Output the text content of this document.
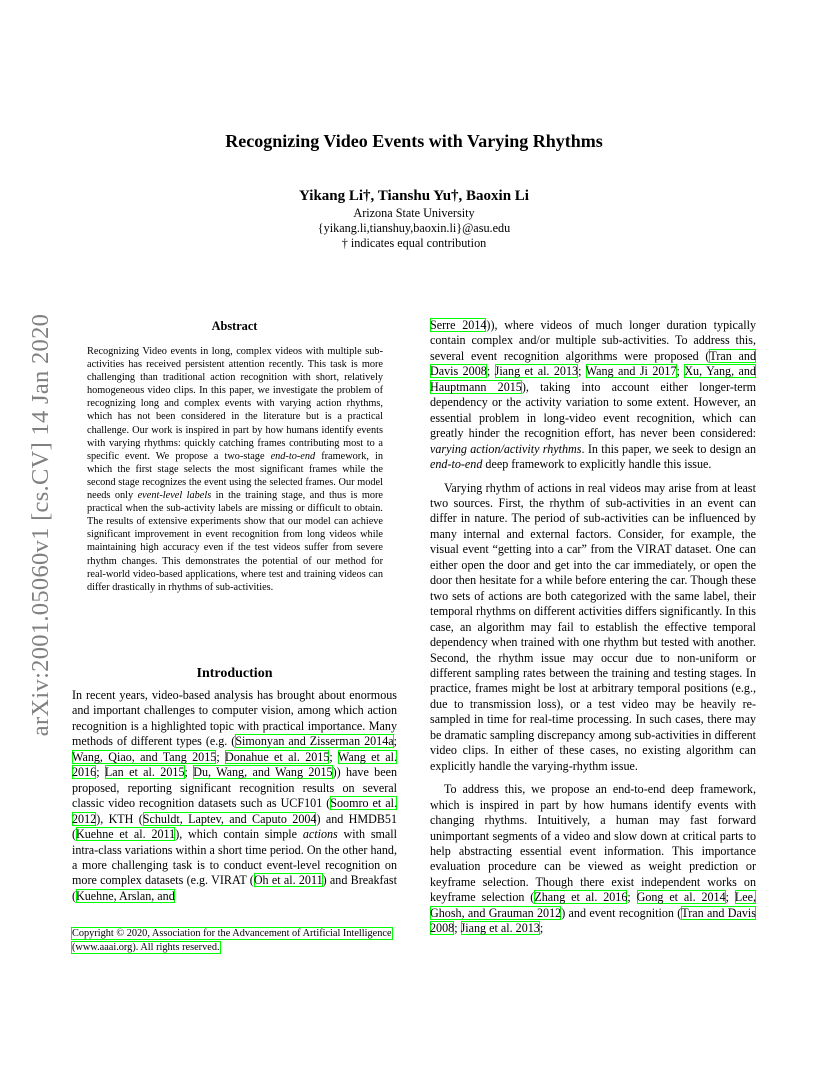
arXiv:2001.05060v1 [cs.CV] 14 Jan 2020
Recognizing Video Events with Varying Rhythms
Yikang Li†, Tianshu Yu†, Baoxin Li
Arizona State University
{yikang.li,tianshuy,baoxin.li}@asu.edu
† indicates equal contribution
Abstract
Recognizing Video events in long, complex videos with multiple sub-activities has received persistent attention recently. This task is more challenging than traditional action recognition with short, relatively homogeneous video clips. In this paper, we investigate the problem of recognizing long and complex events with varying action rhythms, which has not been considered in the literature but is a practical challenge. Our work is inspired in part by how humans identify events with varying rhythms: quickly catching frames contributing most to a specific event. We propose a two-stage end-to-end framework, in which the first stage selects the most significant frames while the second stage recognizes the event using the selected frames. Our model needs only event-level labels in the training stage, and thus is more practical when the sub-activity labels are missing or difficult to obtain. The results of extensive experiments show that our model can achieve significant improvement in event recognition from long videos while maintaining high accuracy even if the test videos suffer from severe rhythm changes. This demonstrates the potential of our method for real-world video-based applications, where test and training videos can differ drastically in rhythms of sub-activities.
Introduction
In recent years, video-based analysis has brought about enormous and important challenges to computer vision, among which action recognition is a highlighted topic with practical importance. Many methods of different types (e.g. (Simonyan and Zisserman 2014a; Wang, Qiao, and Tang 2015; Donahue et al. 2015; Wang et al. 2016; Lan et al. 2015; Du, Wang, and Wang 2015)) have been proposed, reporting significant recognition results on several classic video recognition datasets such as UCF101 (Soomro et al. 2012), KTH (Schuldt, Laptev, and Caputo 2004) and HMDB51 (Kuehne et al. 2011), which contain simple actions with small intra-class variations within a short time period. On the other hand, a more challenging task is to conduct event-level recognition on more complex datasets (e.g. VIRAT (Oh et al. 2011) and Breakfast (Kuehne, Arslan, and
Copyright © 2020, Association for the Advancement of Artificial Intelligence (www.aaai.org). All rights reserved.

Serre 2014)), where videos of much longer duration typically contain complex and/or multiple sub-activities. To address this, several event recognition algorithms were proposed (Tran and Davis 2008; Jiang et al. 2013; Wang and Ji 2017; Xu, Yang, and Hauptmann 2015), taking into account either longer-term dependency or the activity variation to some extent. However, an essential problem in long-video event recognition, which can greatly hinder the recognition effort, has never been considered: varying action/activity rhythms. In this paper, we seek to design an end-to-end deep framework to explicitly handle this issue.

Varying rhythm of actions in real videos may arise from at least two sources. First, the rhythm of sub-activities in an event can differ in nature. The period of sub-activities can be influenced by many internal and external factors. Consider, for example, the visual event “getting into a car” from the VIRAT dataset. One can either open the door and get into the car immediately, or open the door then hesitate for a while before entering the car. Though these two sets of actions are both categorized with the same label, their temporal rhythms on different activities differs significantly. In this case, an algorithm may fail to establish the effective temporal dependency when trained with one rhythm but tested with another. Second, the rhythm issue may occur due to non-uniform or different sampling rates between the training and testing stages. In practice, frames might be lost at arbitrary temporal positions (e.g., due to transmission loss), or a test video may be heavily re-sampled in time for real-time processing. In such cases, there may be dramatic sampling discrepancy among sub-activities in different video clips. In either of these cases, no existing algorithm can explicitly handle the varying-rhythm issue.

To address this, we propose an end-to-end deep framework, which is inspired in part by how humans identify events with changing rhythms. Intuitively, a human may fast forward unimportant segments of a video and slow down at critical parts to help abstracting essential event information. This importance evaluation procedure can be viewed as weight prediction or keyframe selection. Though there exist independent works on keyframe selection (Zhang et al. 2016; Gong et al. 2014; Lee, Ghosh, and Grauman 2012) and event recognition (Tran and Davis 2008; Jiang et al. 2013;
